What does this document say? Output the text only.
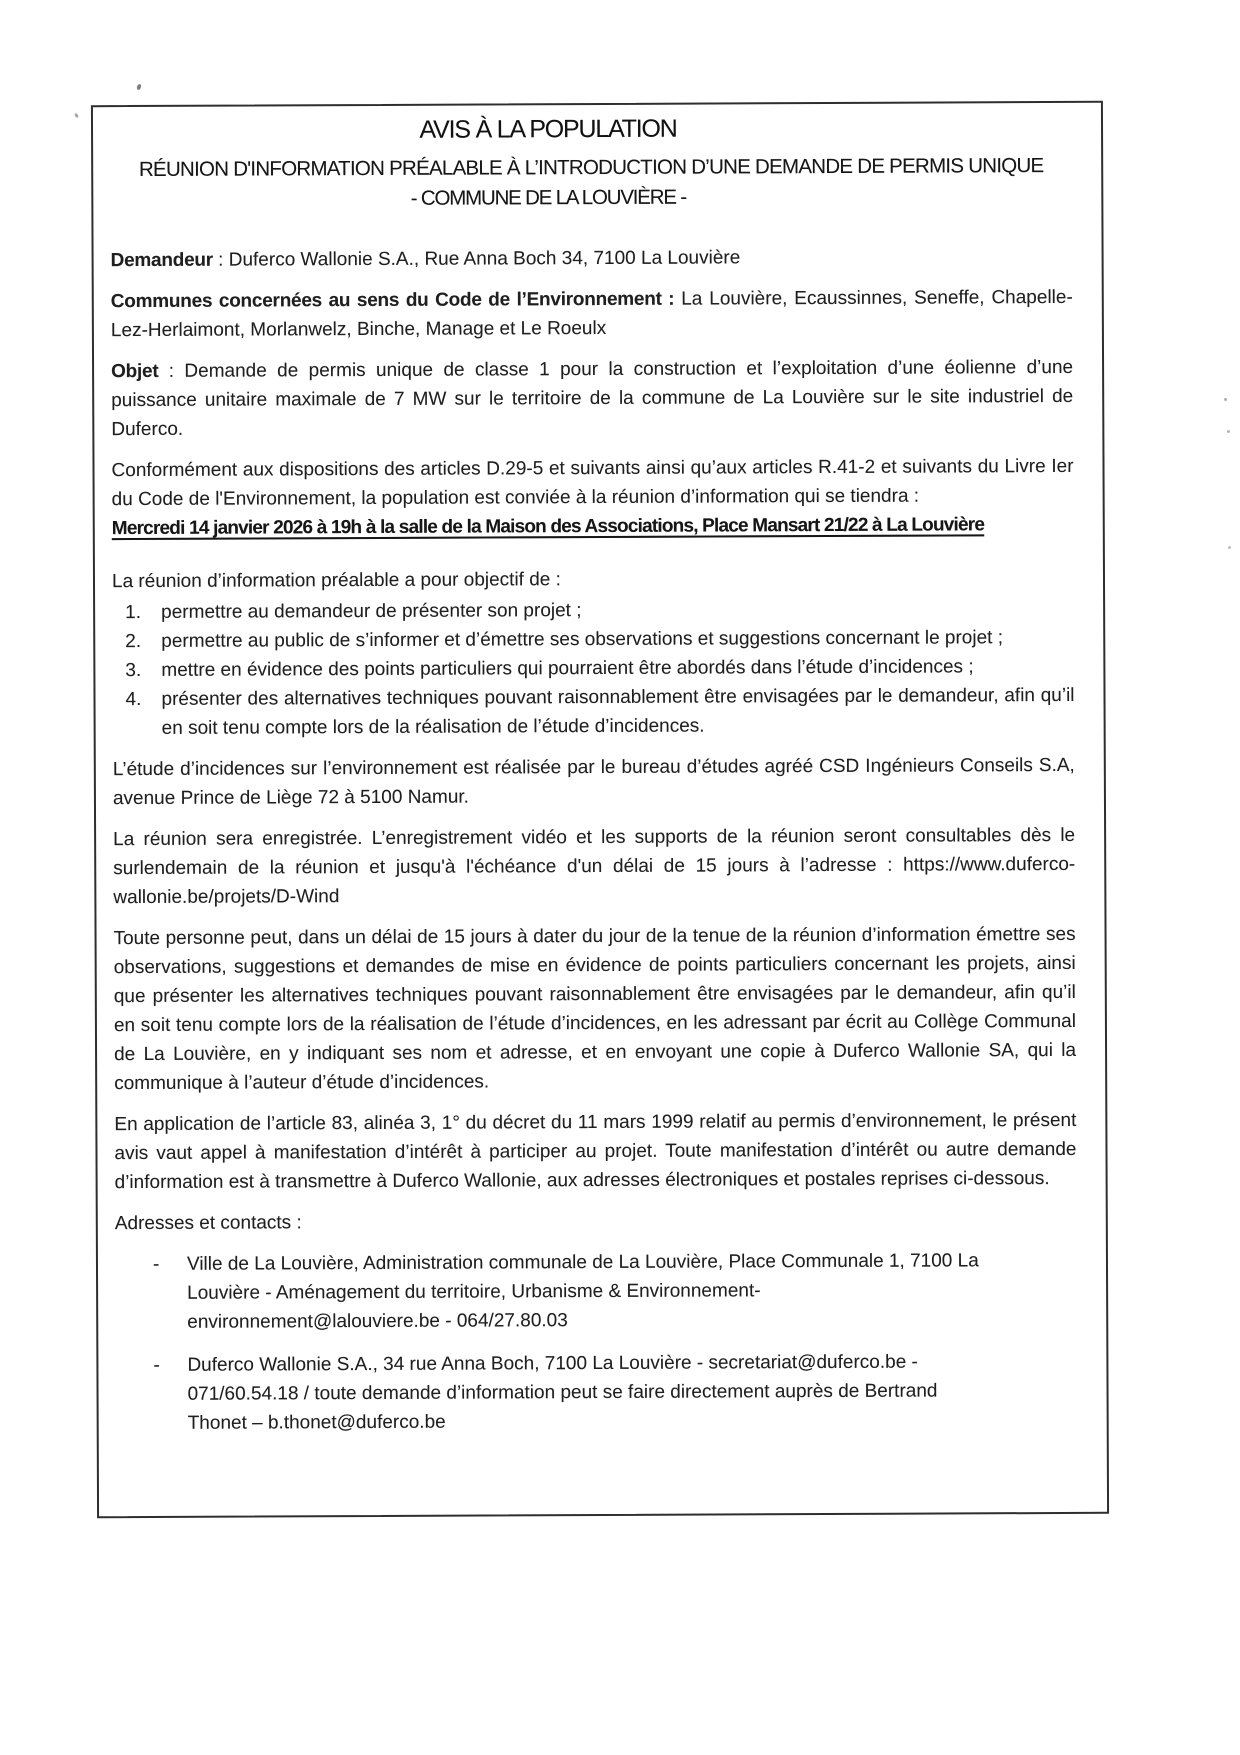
AVIS À LA POPULATION
RÉUNION D'INFORMATION PRÉALABLE À L’INTRODUCTION D’UNE DEMANDE DE PERMIS UNIQUE
- COMMUNE DE LA LOUVIÈRE -

Demandeur : Duferco Wallonie S.A., Rue Anna Boch 34, 7100 La Louvière

Communes concernées au sens du Code de l’Environnement : La Louvière, Ecaussinnes, Seneffe, Chapelle-Lez-Herlaimont, Morlanwelz, Binche, Manage et Le Roeulx

Objet : Demande de permis unique de classe 1 pour la construction et l’exploitation d’une éolienne d’une puissance unitaire maximale de 7 MW sur le territoire de la commune de La Louvière sur le site industriel de Duferco.

Conformément aux dispositions des articles D.29-5 et suivants ainsi qu’aux articles R.41-2 et suivants du Livre Ier du Code de l'Environnement, la population est conviée à la réunion d’information qui se tiendra :

Mercredi 14 janvier 2026 à 19h à la salle de la Maison des Associations, Place Mansart 21/22 à La Louvière

La réunion d’information préalable a pour objectif de :

1.	permettre au demandeur de présenter son projet ;
2.	permettre au public de s’informer et d’émettre ses observations et suggestions concernant le projet ;
3.	mettre en évidence des points particuliers qui pourraient être abordés dans l’étude d’incidences ;
4.	présenter des alternatives techniques pouvant raisonnablement être envisagées par le demandeur, afin qu’il en soit tenu compte lors de la réalisation de l’étude d’incidences.

L’étude d’incidences sur l’environnement est réalisée par le bureau d’études agréé CSD Ingénieurs Conseils S.A, avenue Prince de Liège 72 à 5100 Namur.

La réunion sera enregistrée. L’enregistrement vidéo et les supports de la réunion seront consultables dès le surlendemain de la réunion et jusqu'à l'échéance d'un délai de 15 jours à l’adresse : https://www.duferco-wallonie.be/projets/D-Wind

Toute personne peut, dans un délai de 15 jours à dater du jour de la tenue de la réunion d’information émettre ses observations, suggestions et demandes de mise en évidence de points particuliers concernant les projets, ainsi que présenter les alternatives techniques pouvant raisonnablement être envisagées par le demandeur, afin qu’il en soit tenu compte lors de la réalisation de l’étude d’incidences, en les adressant par écrit au Collège Communal de La Louvière, en y indiquant ses nom et adresse, et en envoyant une copie à Duferco Wallonie SA, qui la communique à l’auteur d’étude d’incidences.

En application de l’article 83, alinéa 3, 1° du décret du 11 mars 1999 relatif au permis d’environnement, le présent avis vaut appel à manifestation d’intérêt à participer au projet. Toute manifestation d’intérêt ou autre demande d’information est à transmettre à Duferco Wallonie, aux adresses électroniques et postales reprises ci-dessous.

Adresses et contacts :

-	Ville de La Louvière, Administration communale de La Louvière, Place Communale 1, 7100 La
Louvière - Aménagement du territoire, Urbanisme & Environnement-
environnement@lalouviere.be - 064/27.80.03
-	Duferco Wallonie S.A., 34 rue Anna Boch, 7100 La Louvière - secretariat@duferco.be -
071/60.54.18 / toute demande d’information peut se faire directement auprès de Bertrand
Thonet – b.thonet@duferco.be
